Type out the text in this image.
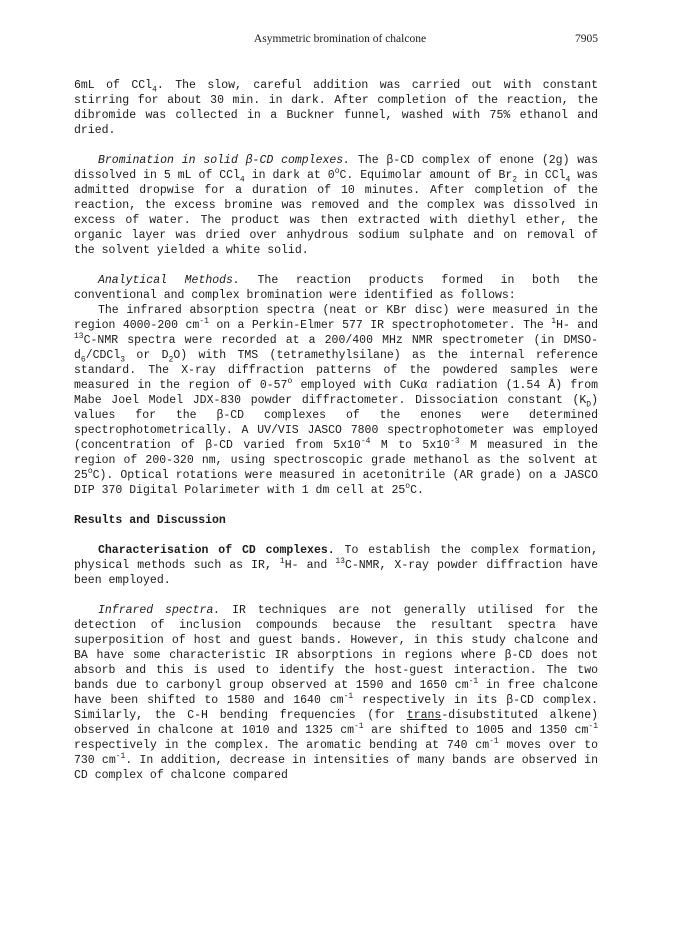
Asymmetric bromination of chalcone	7905

6mL of CCl$_4$. The slow, careful addition was carried out with constant stirring for about 30 min. in dark. After completion of the reaction, the dibromide was collected in a Buckner funnel, washed with 75% ethanol and dried.

Bromination in solid β-CD complexes. The β-CD complex of enone (2g) was dissolved in 5 mL of CCl$_4$ in dark at 0$^o$C. Equimolar amount of $Br_2$ in CCl$_4$ was admitted dropwise for a duration of 10 minutes. After completion of the reaction, the excess bromine was removed and the complex was dissolved in excess of water. The product was then extracted with diethyl ether, the organic layer was dried over anhydrous sodium sulphate and on removal of the solvent yielded a white solid.

Analytical Methods. The reaction products formed in both the conventional and complex bromination were identified as follows:

The infrared absorption spectra (neat or KBr disc) were measured in the region 4000-200 $cm^{-1}$ on a Perkin-Elmer 577 IR spectrophotometer. The $^1$H- and $^{13}$C-NMR spectra were recorded at a 200/400 MHz NMR spectrometer (in DMSO-$d_6/CDCl_3$ or $D_2O$) with TMS (tetramethylsilane) as the internal reference standard. The X-ray diffraction patterns of the powdered samples were measured in the region of 0-57$^o$ employed with CuKα radiation (1.54 Å) from Mabe Joel Model JDX-830 powder diffractometer. Dissociation constant $(K_D)$ values for the β-CD complexes of the enones were determined spectrophotometrically. A UV/VIS JASCO 7800 spectrophotometer was employed (concentration of β-CD varied from $5x10^{-4}$ M to $5x10^{-3}$ M measured in the region of 200-320 nm, using spectroscopic grade methanol as the solvent at 25$^o$C). Optical rotations were measured in acetonitrile (AR grade) on a JASCO DIP 370 Digital Polarimeter with 1 dm cell at 25$^o$C.

Results and Discussion

Characterisation of CD complexes. To establish the complex formation, physical methods such as IR, $^1$H- and $^{13}$C-NMR, X-ray powder diffraction have been employed.

Infrared spectra. IR techniques are not generally utilised for the detection of inclusion compounds because the resultant spectra have superposition of host and guest bands. However, in this study chalcone and BA have some characteristic IR absorptions in regions where β-CD does not absorb and this is used to identify the host-guest interaction. The two bands due to carbonyl group observed at 1590 and 1650 $cm^{-1}$ in free chalcone have been shifted to 1580 and 1640 $cm^{-1}$ respectively in its β-CD complex. Similarly, the C-H bending frequencies (for trans-disubstituted alkene) observed in chalcone at 1010 and 1325 $cm^{-1}$ are shifted to 1005 and 1350 $cm^{-1}$ respectively in the complex. The aromatic bending at 740 $cm^{-1}$ moves over to 730 $cm^{-1}$. In addition, decrease in intensities of many bands are observed in CD complex of chalcone compared
